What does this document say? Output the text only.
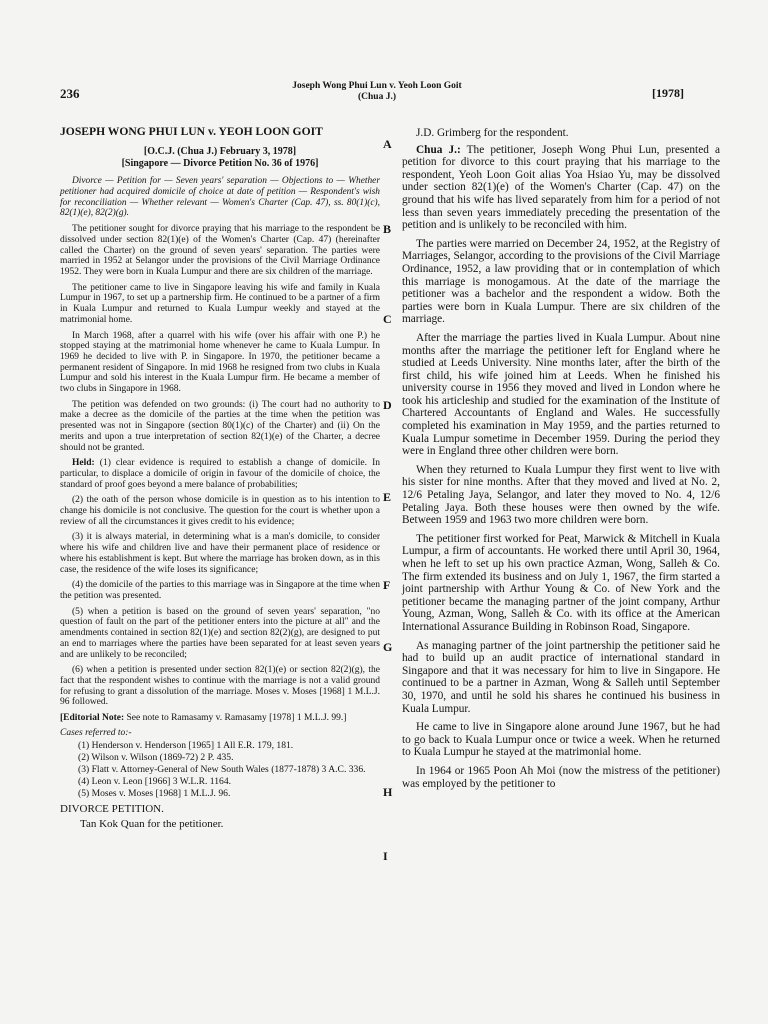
236	Joseph Wong Phui Lun v. Yeoh Loon Goit
(Chua J.)	[1978]
JOSEPH WONG PHUI LUN v. YEOH LOON GOIT

[O.C.J. (Chua J.) February 3, 1978]

[Singapore — Divorce Petition No. 36 of 1976]

Divorce — Petition for — Seven years' separation — Objections to — Whether petitioner had acquired domicile of choice at date of petition — Respondent's wish for reconciliation — Whether relevant — Women's Charter (Cap. 47), ss. 80(1)(c), 82(1)(e), 82(2)(g).

The petitioner sought for divorce praying that his marriage to the respondent be dissolved under section 82(1)(e) of the Women's Charter (Cap. 47) (hereinafter called the Charter) on the ground of seven years' separation. The parties were married in 1952 at Selangor under the provisions of the Civil Marriage Ordinance 1952. They were born in Kuala Lumpur and there are six children of the marriage.

The petitioner came to live in Singapore leaving his wife and family in Kuala Lumpur in 1967, to set up a partnership firm. He continued to be a partner of a firm in Kuala Lumpur and returned to Kuala Lumpur weekly and stayed at the matrimonial home.

In March 1968, after a quarrel with his wife (over his affair with one P.) he stopped staying at the matrimonial home whenever he came to Kuala Lumpur. In 1969 he decided to live with P. in Singapore. In 1970, the petitioner became a permanent resident of Singapore. In mid 1968 he resigned from two clubs in Kuala Lumpur and sold his interest in the Kuala Lumpur firm. He became a member of two clubs in Singapore in 1968.

The petition was defended on two grounds: (i) The court had no authority to make a decree as the domicile of the parties at the time when the petition was presented was not in Singapore (section 80(1)(c) of the Charter) and (ii) On the merits and upon a true interpretation of section 82(1)(e) of the Charter, a decree should not be granted.

Held: (1) clear evidence is required to establish a change of domicile. In particular, to displace a domicile of origin in favour of the domicile of choice, the standard of proof goes beyond a mere balance of probabilities;

(2) the oath of the person whose domicile is in question as to his intention to change his domicile is not conclusive. The question for the court is whether upon a review of all the circumstances it gives credit to his evidence;

(3) it is always material, in determining what is a man's domicile, to consider where his wife and children live and have their permanent place of residence or where his establishment is kept. But where the marriage has broken down, as in this case, the residence of the wife loses its significance;

(4) the domicile of the parties to this marriage was in Singapore at the time when the petition was presented.

(5) when a petition is based on the ground of seven years' separation, "no question of fault on the part of the petitioner enters into the picture at all" and the amendments contained in section 82(1)(e) and section 82(2)(g), are designed to put an end to marriages where the parties have been separated for at least seven years and are unlikely to be reconciled;

(6) when a petition is presented under section 82(1)(e) or section 82(2)(g), the fact that the respondent wishes to continue with the marriage is not a valid ground for refusing to grant a dissolution of the marriage. Moses v. Moses [1968] 1 M.L.J. 96 followed.

[Editorial Note: See note to Ramasamy v. Ramasamy [1978] 1 M.L.J. 99.]

Cases referred to:-
(1) Henderson v. Henderson [1965] 1 All E.R. 179, 181.
(2) Wilson v. Wilson (1869-72) 2 P. 435.
(3) Flatt v. Attorney-General of New South Wales (1877-1878) 3 A.C. 336.
(4) Leon v. Leon [1966] 3 W.L.R. 1164.
(5) Moses v. Moses [1968] 1 M.L.J. 96.
DIVORCE PETITION.
Tan Kok Quan for the petitioner.
A
B
C
D
E
F
G
H
I

J.D. Grimberg for the respondent.

Chua J.: The petitioner, Joseph Wong Phui Lun, presented a petition for divorce to this court praying that his marriage to the respondent, Yeoh Loon Goit alias Yoa Hsiao Yu, may be dissolved under section 82(1)(e) of the Women's Charter (Cap. 47) on the ground that his wife has lived separately from him for a period of not less than seven years immediately preceding the presentation of the petition and is unlikely to be reconciled with him.

The parties were married on December 24, 1952, at the Registry of Marriages, Selangor, according to the provisions of the Civil Marriage Ordinance, 1952, a law providing that or in contemplation of which this marriage is monogamous. At the date of the marriage the petitioner was a bachelor and the respondent a widow. Both the parties were born in Kuala Lumpur. There are six children of the marriage.

After the marriage the parties lived in Kuala Lumpur. About nine months after the marriage the petitioner left for England where he studied at Leeds University. Nine months later, after the birth of the first child, his wife joined him at Leeds. When he finished his university course in 1956 they moved and lived in London where he took his articleship and studied for the examination of the Institute of Chartered Accountants of England and Wales. He successfully completed his examination in May 1959, and the parties returned to Kuala Lumpur sometime in December 1959. During the period they were in England three other children were born.

When they returned to Kuala Lumpur they first went to live with his sister for nine months. After that they moved and lived at No. 2, 12/6 Petaling Jaya, Selangor, and later they moved to No. 4, 12/6 Petaling Jaya. Both these houses were then owned by the wife. Between 1959 and 1963 two more children were born.

The petitioner first worked for Peat, Marwick & Mitchell in Kuala Lumpur, a firm of accountants. He worked there until April 30, 1964, when he left to set up his own practice Azman, Wong, Salleh & Co. The firm extended its business and on July 1, 1967, the firm started a joint partnership with Arthur Young & Co. of New York and the petitioner became the managing partner of the joint company, Arthur Young, Azman, Wong, Salleh & Co. with its office at the American International Assurance Building in Robinson Road, Singapore.

As managing partner of the joint partnership the petitioner said he had to build up an audit practice of international standard in Singapore and that it was necessary for him to live in Singapore. He continued to be a partner in Azman, Wong & Salleh until September 30, 1970, and until he sold his shares he continued his business in Kuala Lumpur.

He came to live in Singapore alone around June 1967, but he had to go back to Kuala Lumpur once or twice a week. When he returned to Kuala Lumpur he stayed at the matrimonial home.

In 1964 or 1965 Poon Ah Moi (now the mistress of the petitioner) was employed by the petitioner to
